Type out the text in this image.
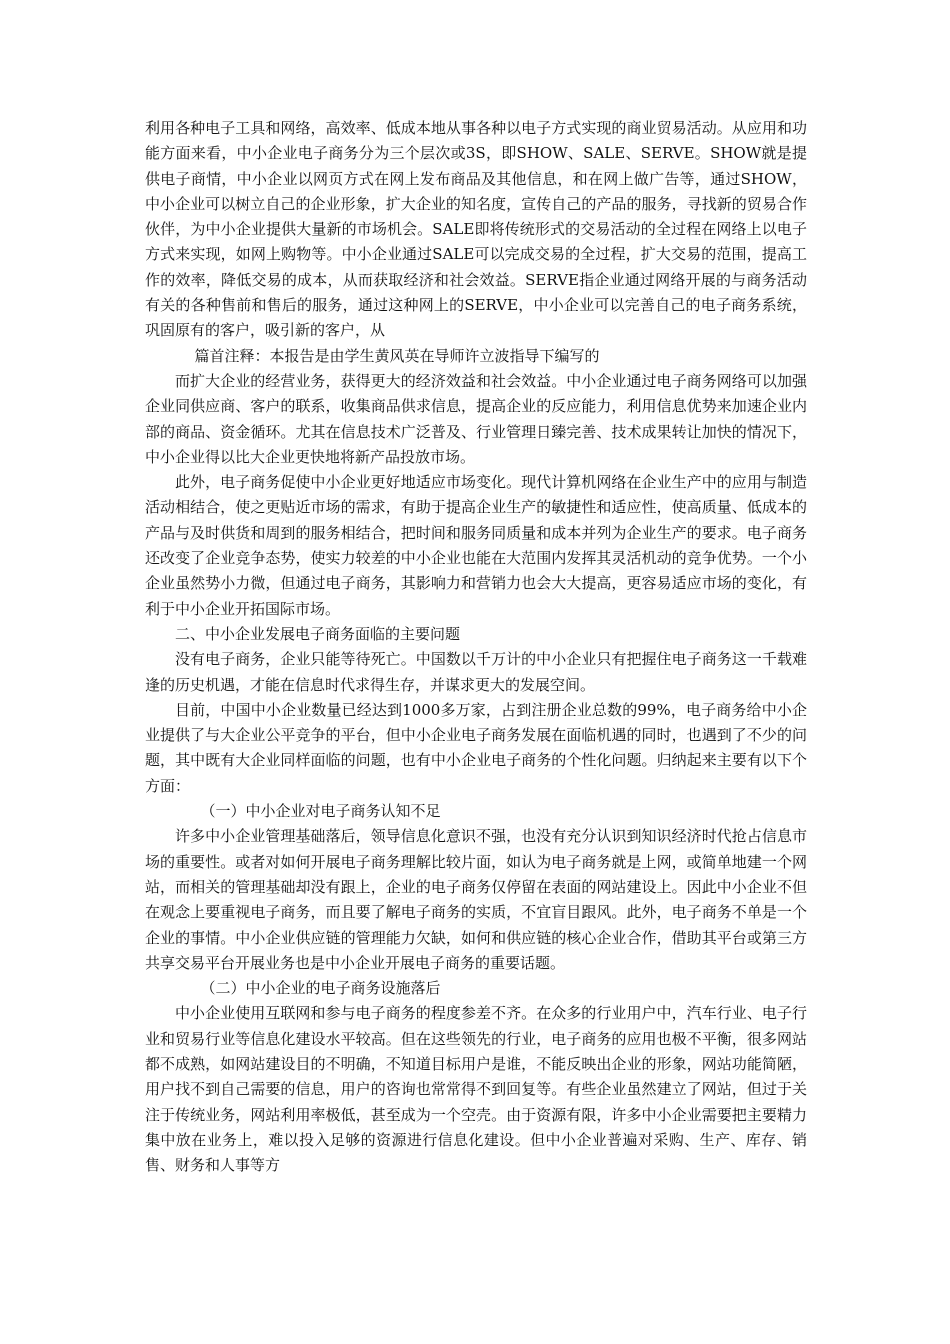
利用各种电子工具和网络，高效率、低成本地从事各种以电子方式实现的商业贸易活动。从应用和功能方面来看，中小企业电子商务分为三个层次或3S，即SHOW、SALE、SERVE。SHOW就是提供电子商情，中小企业以网页方式在网上发布商品及其他信息，和在网上做广告等，通过SHOW，中小企业可以树立自己的企业形象，扩大企业的知名度，宣传自己的产品的服务，寻找新的贸易合作伙伴，为中小企业提供大量新的市场机会。SALE即将传统形式的交易活动的全过程在网络上以电子方式来实现，如网上购物等。中小企业通过SALE可以完成交易的全过程，扩大交易的范围，提高工作的效率，降低交易的成本，从而获取经济和社会效益。SERVE指企业通过网络开展的与商务活动有关的各种售前和售后的服务，通过这种网上的SERVE，中小企业可以完善自己的电子商务系统，巩固原有的客户，吸引新的客户，从

篇首注释：本报告是由学生黄风英在导师许立波指导下编写的

而扩大企业的经营业务，获得更大的经济效益和社会效益。中小企业通过电子商务网络可以加强企业同供应商、客户的联系，收集商品供求信息，提高企业的反应能力，利用信息优势来加速企业内部的商品、资金循环。尤其在信息技术广泛普及、行业管理日臻完善、技术成果转让加快的情况下，中小企业得以比大企业更快地将新产品投放市场。

此外，电子商务促使中小企业更好地适应市场变化。现代计算机网络在企业生产中的应用与制造活动相结合，使之更贴近市场的需求，有助于提高企业生产的敏捷性和适应性，使高质量、低成本的产品与及时供货和周到的服务相结合，把时间和服务同质量和成本并列为企业生产的要求。电子商务还改变了企业竞争态势，使实力较差的中小企业也能在大范围内发挥其灵活机动的竞争优势。一个小企业虽然势小力微，但通过电子商务，其影响力和营销力也会大大提高，更容易适应市场的变化，有利于中小企业开拓国际市场。

二、中小企业发展电子商务面临的主要问题

没有电子商务，企业只能等待死亡。中国数以千万计的中小企业只有把握住电子商务这一千载难逢的历史机遇，才能在信息时代求得生存，并谋求更大的发展空间。

目前，中国中小企业数量已经达到1000多万家，占到注册企业总数的99%，电子商务给中小企业提供了与大企业公平竞争的平台，但中小企业电子商务发展在面临机遇的同时，也遇到了不少的问题，其中既有大企业同样面临的问题，也有中小企业电子商务的个性化问题。归纳起来主要有以下个方面：

（一）中小企业对电子商务认知不足

许多中小企业管理基础落后，领导信息化意识不强，也没有充分认识到知识经济时代抢占信息市场的重要性。或者对如何开展电子商务理解比较片面，如认为电子商务就是上网，或简单地建一个网站，而相关的管理基础却没有跟上，企业的电子商务仅停留在表面的网站建设上。因此中小企业不但在观念上要重视电子商务，而且要了解电子商务的实质，不宜盲目跟风。此外，电子商务不单是一个企业的事情。中小企业供应链的管理能力欠缺，如何和供应链的核心企业合作，借助其平台或第三方共享交易平台开展业务也是中小企业开展电子商务的重要话题。

（二）中小企业的电子商务设施落后

中小企业使用互联网和参与电子商务的程度参差不齐。在众多的行业用户中，汽车行业、电子行业和贸易行业等信息化建设水平较高。但在这些领先的行业，电子商务的应用也极不平衡，很多网站都不成熟，如网站建设目的不明确，不知道目标用户是谁，不能反映出企业的形象，网站功能简陋，用户找不到自己需要的信息，用户的咨询也常常得不到回复等。有些企业虽然建立了网站，但过于关注于传统业务，网站利用率极低，甚至成为一个空壳。由于资源有限，许多中小企业需要把主要精力集中放在业务上，难以投入足够的资源进行信息化建设。但中小企业普遍对采购、生产、库存、销售、财务和人事等方
